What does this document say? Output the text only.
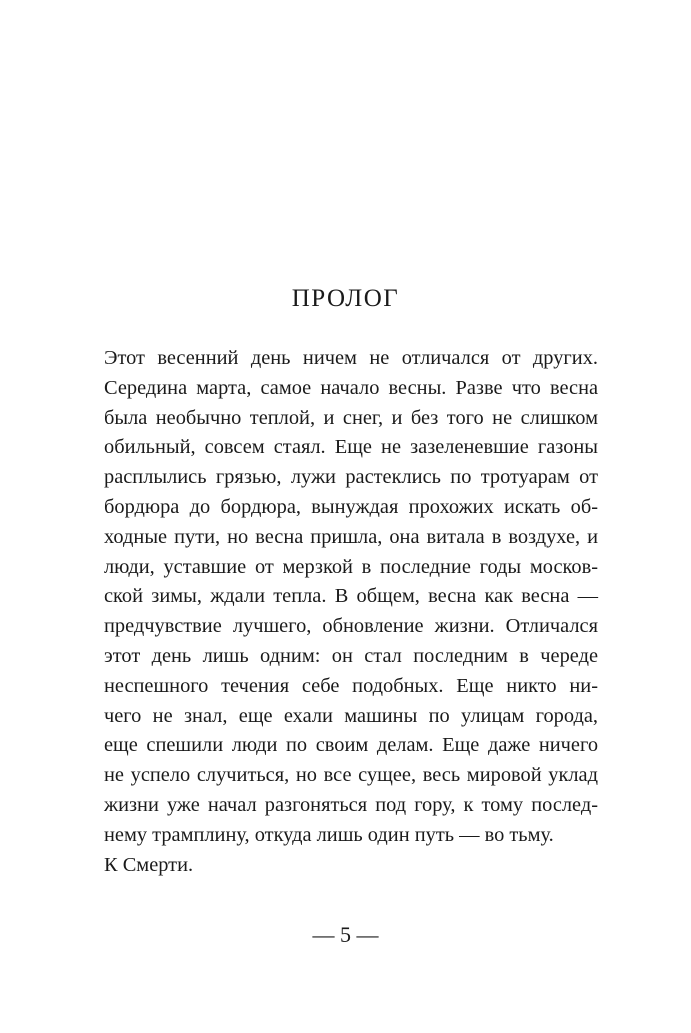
ПРОЛОГ

Этот весенний день ничем не отличался от других.
Середина марта, самое начало весны. Разве что весна
была необычно теплой, и снег, и без того не слишком
обильный, совсем стаял. Еще не зазеленевшие газоны
расплылись грязью, лужи растеклись по тротуарам от
бордюра до бордюра, вынуждая прохожих искать об-
ходные пути, но весна пришла, она витала в воздухе, и
люди, уставшие от мерзкой в последние годы москов-
ской зимы, ждали тепла. В общем, весна как весна —
предчувствие лучшего, обновление жизни. Отличался
этот день лишь одним: он стал последним в череде
неспешного течения себе подобных. Еще никто ни-
чего не знал, еще ехали машины по улицам города,
еще спешили люди по своим делам. Еще даже ничего
не успело случиться, но все сущее, весь мировой уклад
жизни уже начал разгоняться под гору, к тому послед-
нему трамплину, откуда лишь один путь — во тьму.

К Смерти.

— 5 —
